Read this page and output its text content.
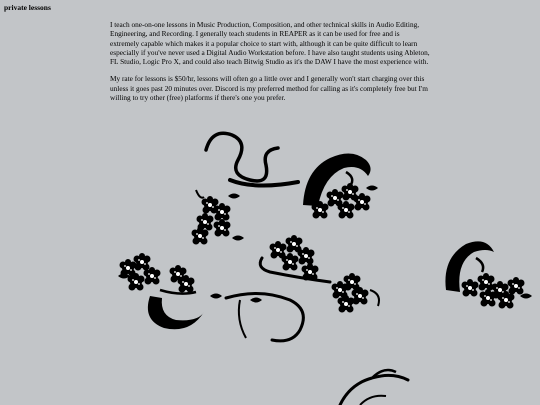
private lessons

I teach one-on-one lessons in Music Production, Composition, and other technical skills in Audio Editing, Engineering, and Recording. I generally teach students in REAPER as it can be used for free and is extremely capable which makes it a popular choice to start with, although it can be quite difficult to learn especially if you've never used a Digital Audio Workstation before. I have also taught students using Ableton, FL Studio, Logic Pro X, and could also teach Bitwig Studio as it's the DAW I have the most experience with.

My rate for lessons is $50/hr, lessons will often go a little over and I generally won't start charging over this unless it goes past 20 minutes over. Discord is my preferred method for calling as it's completely free but I'm willing to try other (free) platforms if there's one you prefer.
